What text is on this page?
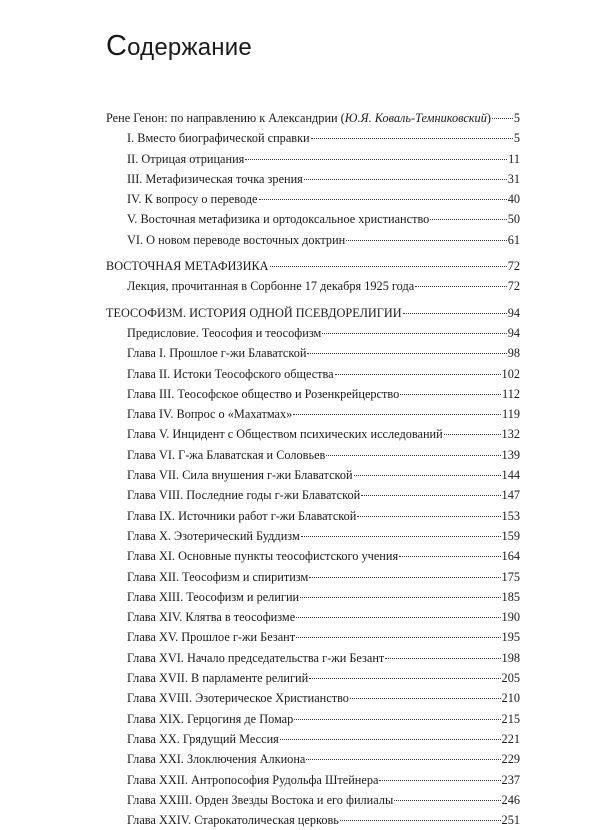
Содержание
Рене Генон: по направлению к Александрии (Ю.Я. Коваль-Темниковский) 5
I. Вместо биографической справки	5
II. Отрицая отрицания	11
III. Метафизическая точка зрения	31
IV. К вопросу о переводе	40
V. Восточная метафизика и ортодоксальное христианство	50
VI. О новом переводе восточных доктрин	61
ВОСТОЧНАЯ МЕТАФИЗИКА	72
Лекция, прочитанная в Сорбонне 17 декабря 1925 года	72
ТЕОСОФИЗМ. ИСТОРИЯ ОДНОЙ ПСЕВДОРЕЛИГИИ	94
Предисловие. Теософия и теософизм	94
Глава I. Прошлое г-жи Блаватской	98
Глава II. Истоки Теософского общества	102
Глава III. Теософское общество и Розенкрейцерство	112
Глава IV. Вопрос о «Махатмах»	119
Глава V. Инцидент с Обществом психических исследований	132
Глава VI. Г-жа Блаватская и Соловьев	139
Глава VII. Сила внушения г-жи Блаватской	144
Глава VIII. Последние годы г-жи Блаватской	147
Глава IX. Источники работ г-жи Блаватской	153
Глава X. Эзотерический Буддизм	159
Глава XI. Основные пункты теософистского учения	164
Глава XII. Теософизм и спиритизм	175
Глава XIII. Теософизм и религии	185
Глава XIV. Клятва в теософизме	190
Глава XV. Прошлое г-жи Безант	195
Глава XVI. Начало председательства г-жи Безант	198
Глава XVII. В парламенте религий	205
Глава XVIII. Эзотерическое Христианство	210
Глава XIX. Герцогиня де Помар	215
Глава XX. Грядущий Мессия	221
Глава XXI. Злоключения Алкиона	229
Глава XXII. Антропософия Рудольфа Штейнера	237
Глава XXIII. Орден Звезды Востока и его филиалы	246
Глава XXIV. Старокатолическая церковь	251
